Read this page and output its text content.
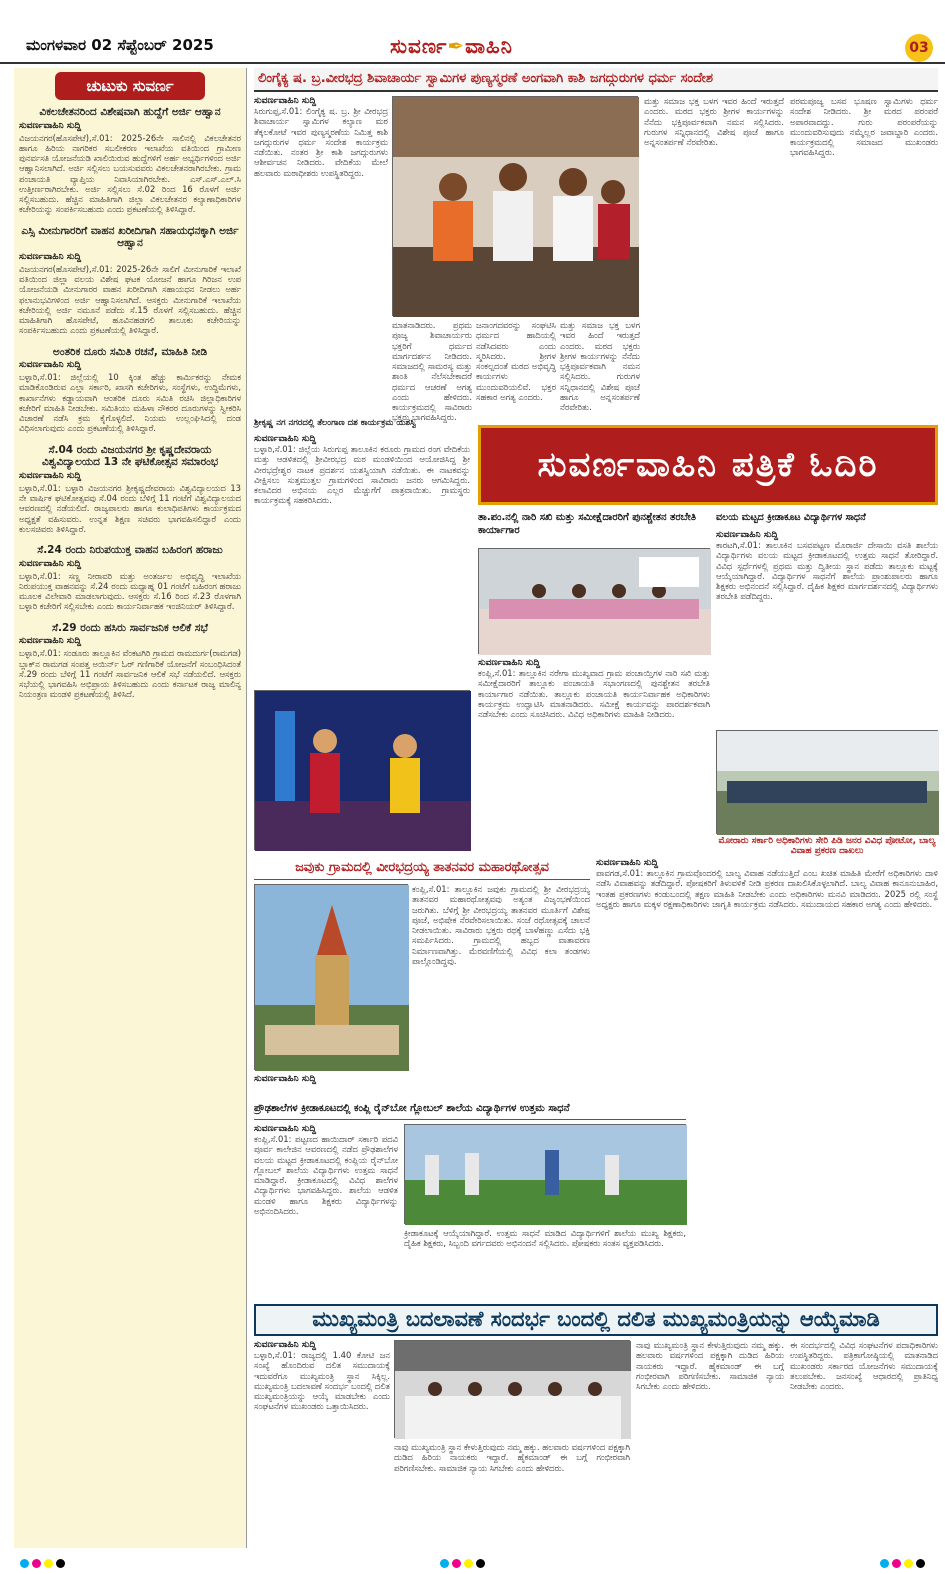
ಮಂಗಳವಾರ 02 ಸೆಪ್ಟೆಂಬರ್ 2025	ಸುವರ್ಣ✒ವಾಹಿನಿ	03
ಚುಟುಕು ಸುವರ್ಣ
ವಿಕಲಚೇತನರಿಂದ ವಿಶೇಷವಾಗಿ ಹುದ್ದೆಗೆ ಅರ್ಜಿ ಆಹ್ವಾನ
ಸುವರ್ಣವಾಹಿನಿ ಸುದ್ದಿ

ವಿಜಯನಗರ(ಹೊಸಪೇಟೆ),ಸೆ.01: 2025-26ನೇ ಸಾಲಿನಲ್ಲಿ ವಿಕಲಚೇತನರ ಹಾಗೂ ಹಿರಿಯ ನಾಗರಿಕರ ಸಬಲೀಕರಣ ಇಲಾಖೆಯ ವತಿಯಿಂದ ಗ್ರಾಮೀಣ ಪುನರ್ವಸತಿ ಯೋಜನೆಯಡಿ ಖಾಲಿಯಿರುವ ಹುದ್ದೆಗಳಿಗೆ ಅರ್ಹ ಅಭ್ಯರ್ಥಿಗಳಿಂದ ಅರ್ಜಿ ಆಹ್ವಾನಿಸಲಾಗಿದೆ. ಅರ್ಜಿ ಸಲ್ಲಿಸಲು ಬಯಸುವವರು ವಿಕಲಚೇತನರಾಗಿರಬೇಕು. ಗ್ರಾಮ ಪಂಚಾಯತಿ ವ್ಯಾಪ್ತಿಯ ನಿವಾಸಿಯಾಗಿರಬೇಕು. ಎಸ್.ಎಸ್.ಎಲ್.ಸಿ ಉತ್ತೀರ್ಣರಾಗಿರಬೇಕು. ಅರ್ಜಿ ಸಲ್ಲಿಸಲು ಸೆ.02 ರಿಂದ 16 ರೊಳಗೆ ಅರ್ಜಿ ಸಲ್ಲಿಸಬಹುದು. ಹೆಚ್ಚಿನ ಮಾಹಿತಿಗಾಗಿ ಜಿಲ್ಲಾ ವಿಕಲಚೇತನರ ಕಲ್ಯಾಣಾಧಿಕಾರಿಗಳ ಕಚೇರಿಯನ್ನು ಸಂಪರ್ಕಿಸಬಹುದು ಎಂದು ಪ್ರಕಟಣೆಯಲ್ಲಿ ತಿಳಿಸಿದ್ದಾರೆ.

ಎಸ್ಸಿ ಮೀನುಗಾರರಿಗೆ ವಾಹನ ಖರೀದಿಗಾಗಿ ಸಹಾಯಧನಕ್ಕಾಗಿ ಅರ್ಜಿ ಆಹ್ವಾನ
ಸುವರ್ಣವಾಹಿನಿ ಸುದ್ದಿ

ವಿಜಯನಗರ(ಹೊಸಪೇಟೆ),ಸೆ.01: 2025-26ನೇ ಸಾಲಿಗೆ ಮೀನುಗಾರಿಕೆ ಇಲಾಖೆ ವತಿಯಿಂದ ಜಿಲ್ಲಾ ವಲಯ ವಿಶೇಷ ಘಟಕ ಯೋಜನೆ ಹಾಗೂ ಗಿರಿಜನ ಉಪ ಯೋಜನೆಯಡಿ ಮೀನುಗಾರರ ವಾಹನ ಖರೀದಿಗಾಗಿ ಸಹಾಯಧನ ನೀಡಲು ಅರ್ಹ ಫಲಾನುಭವಿಗಳಿಂದ ಅರ್ಜಿ ಆಹ್ವಾನಿಸಲಾಗಿದೆ. ಆಸಕ್ತರು ಮೀನುಗಾರಿಕೆ ಇಲಾಖೆಯ ಕಚೇರಿಯಲ್ಲಿ ಅರ್ಜಿ ನಮೂನೆ ಪಡೆದು ಸೆ.15 ರೊಳಗೆ ಸಲ್ಲಿಸಬಹುದು. ಹೆಚ್ಚಿನ ಮಾಹಿತಿಗಾಗಿ ಹೊಸಪೇಟೆ, ಹೂವಿನಹಡಗಲಿ ತಾಲೂಕು ಕಚೇರಿಯನ್ನು ಸಂಪರ್ಕಿಸಬಹುದು ಎಂದು ಪ್ರಕಟಣೆಯಲ್ಲಿ ತಿಳಿಸಿದ್ದಾರೆ.

ಅಂತರಿಕ ದೂರು ಸಮಿತಿ ರಚನೆ, ಮಾಹಿತಿ ನೀಡಿ
ಸುವರ್ಣವಾಹಿನಿ ಸುದ್ದಿ

ಬಳ್ಳಾರಿ,ಸೆ.01: ಜಿಲ್ಲೆಯಲ್ಲಿ 10 ಕ್ಕಿಂತ ಹೆಚ್ಚು ಕಾರ್ಮಿಕರನ್ನು ನೇಮಕ ಮಾಡಿಕೊಂಡಿರುವ ಎಲ್ಲಾ ಸರ್ಕಾರಿ, ಖಾಸಗಿ ಕಚೇರಿಗಳು, ಸಂಸ್ಥೆಗಳು, ಉದ್ದಿಮೆಗಳು, ಕಾರ್ಖಾನೆಗಳು ಕಡ್ಡಾಯವಾಗಿ ಆಂತರಿಕ ದೂರು ಸಮಿತಿ ರಚಿಸಿ ಜಿಲ್ಲಾಧಿಕಾರಿಗಳ ಕಚೇರಿಗೆ ಮಾಹಿತಿ ನೀಡಬೇಕು. ಸಮಿತಿಯು ಮಹಿಳಾ ನೌಕರರ ದೂರುಗಳನ್ನು ಸ್ವೀಕರಿಸಿ ವಿಚಾರಣೆ ನಡೆಸಿ ಕ್ರಮ ಕೈಗೊಳ್ಳಲಿದೆ. ನಿಯಮ ಉಲ್ಲಂಘಿಸಿದಲ್ಲಿ ದಂಡ ವಿಧಿಸಲಾಗುವುದು ಎಂದು ಪ್ರಕಟಣೆಯಲ್ಲಿ ತಿಳಿಸಿದ್ದಾರೆ.

ಸೆ.04 ರಂದು ವಿಜಯನಗರ ಶ್ರೀ ಕೃಷ್ಣದೇವರಾಯ ವಿಶ್ವವಿದ್ಯಾಲಯದ 13 ನೇ ಘಟಿಕೋತ್ಸವ ಸಮಾರಂಭ
ಸುವರ್ಣವಾಹಿನಿ ಸುದ್ದಿ

ಬಳ್ಳಾರಿ,ಸೆ.01: ಬಳ್ಳಾರಿ ವಿಜಯನಗರ ಶ್ರೀಕೃಷ್ಣದೇವರಾಯ ವಿಶ್ವವಿದ್ಯಾಲಯದ 13 ನೇ ವಾರ್ಷಿಕ ಘಟಿಕೋತ್ಸವವು ಸೆ.04 ರಂದು ಬೆಳಿಗ್ಗೆ 11 ಗಂಟೆಗೆ ವಿಶ್ವವಿದ್ಯಾಲಯದ ಆವರಣದಲ್ಲಿ ನಡೆಯಲಿದೆ. ರಾಜ್ಯಪಾಲರು ಹಾಗೂ ಕುಲಾಧಿಪತಿಗಳು ಕಾರ್ಯಕ್ರಮದ ಅಧ್ಯಕ್ಷತೆ ವಹಿಸುವರು. ಉನ್ನತ ಶಿಕ್ಷಣ ಸಚಿವರು ಭಾಗವಹಿಸಲಿದ್ದಾರೆ ಎಂದು ಕುಲಸಚಿವರು ತಿಳಿಸಿದ್ದಾರೆ.

ಸೆ.24 ರಂದು ನಿರುಪಯುಕ್ತ ವಾಹನ ಬಹಿರಂಗ ಹರಾಜು
ಸುವರ್ಣವಾಹಿನಿ ಸುದ್ದಿ

ಬಳ್ಳಾರಿ,ಸೆ.01: ಸಣ್ಣ ನೀರಾವರಿ ಮತ್ತು ಅಂತರ್ಜಲ ಅಭಿವೃದ್ಧಿ ಇಲಾಖೆಯ ನಿರುಪಯುಕ್ತ ವಾಹನವನ್ನು ಸೆ.24 ರಂದು ಮಧ್ಯಾಹ್ನ 01 ಗಂಟೆಗೆ ಬಹಿರಂಗ ಹರಾಜು ಮೂಲಕ ವಿಲೇವಾರಿ ಮಾಡಲಾಗುವುದು. ಆಸಕ್ತರು ಸೆ.16 ರಿಂದ ಸೆ.23 ರೊಳಗಾಗಿ ಬಳ್ಳಾರಿ ಕಚೇರಿಗೆ ಸಲ್ಲಿಸಬೇಕು ಎಂದು ಕಾರ್ಯನಿರ್ವಾಹಕ ಇಂಜಿನಿಯರ್ ತಿಳಿಸಿದ್ದಾರೆ.

ಸೆ.29 ರಂದು ಹಸಿರು ಸಾರ್ವಜನಿಕ ಆಲಿಕೆ ಸಭೆ
ಸುವರ್ಣವಾಹಿನಿ ಸುದ್ದಿ

ಬಳ್ಳಾರಿ,ಸೆ.01: ಸಂಡೂರು ತಾಲ್ಲೂಕಿನ ವೆಂಕಟಗಿರಿ ಗ್ರಾಮದ ರಾಮದುರ್ಗ(ರಾಮಗಡ) ಬ್ಲಾಕ್‌ನ ರಾಮಗಡ ಸಂಪತ್ತ ಅಯಿರ್ನ್ ಓರ್ ಗಣಿಗಾರಿಕೆ ಯೋಜನೆಗೆ ಸಂಬಂಧಿಸಿದಂತೆ ಸೆ.29 ರಂದು ಬೆಳಿಗ್ಗೆ 11 ಗಂಟೆಗೆ ಸಾರ್ವಜನಿಕ ಆಲಿಕೆ ಸಭೆ ನಡೆಯಲಿದೆ. ಆಸಕ್ತರು ಸಭೆಯಲ್ಲಿ ಭಾಗವಹಿಸಿ ಅಭಿಪ್ರಾಯ ತಿಳಿಸಬಹುದು ಎಂದು ಕರ್ನಾಟಕ ರಾಜ್ಯ ಮಾಲಿನ್ಯ ನಿಯಂತ್ರಣ ಮಂಡಳಿ ಪ್ರಕಟಣೆಯಲ್ಲಿ ತಿಳಿಸಿದೆ.

ಲಿಂಗೈಕ್ಯ ಷ. ಬ್ರ.ವೀರಭದ್ರ ಶಿವಾಚಾರ್ಯ ಸ್ವಾಮಿಗಳ ಪುಣ್ಯಸ್ಮರಣೆ ಅಂಗವಾಗಿ ಕಾಶಿ ಜಗದ್ಗುರುಗಳ ಧರ್ಮ ಸಂದೇಶ
ಸುವರ್ಣವಾಹಿನಿ ಸುದ್ದಿ

ಸಿರುಗುಪ್ಪ,ಸೆ.01: ಲಿಂಗೈಕ್ಯ ಷ. ಬ್ರ. ಶ್ರೀ ವೀರಭದ್ರ ಶಿವಾಚಾರ್ಯ ಸ್ವಾಮಿಗಳ ಕಲ್ಯಾಣ ಮಠ ತೆಕ್ಕಲಕೋಟೆ ಇವರ ಪುಣ್ಯಸ್ಮರಣೆಯ ನಿಮಿತ್ತ ಕಾಶಿ ಜಗದ್ಗುರುಗಳ ಧರ್ಮ ಸಂದೇಶ ಕಾರ್ಯಕ್ರಮ ನಡೆಯಿತು. ನಂತರ ಶ್ರೀ ಕಾಶಿ ಜಗದ್ಗುರುಗಳು ಆಶೀರ್ವಚನ ನೀಡಿದರು. ವೇದಿಕೆಯ ಮೇಲೆ ಹಲವಾರು ಮಠಾಧೀಶರು ಉಪಸ್ಥಿತರಿದ್ದರು.

ಮಾತನಾಡಿದರು. ಪ್ರಥಮ ಪೂಜ್ಯ ಶಿವಾಚಾರ್ಯರು ಭಕ್ತರಿಗೆ ಧರ್ಮದ ಮಾರ್ಗದರ್ಶನ ನೀಡಿದರು. ಸಮಾಜದಲ್ಲಿ ಸಾಮರಸ್ಯ ಮತ್ತು ಶಾಂತಿ ನೆಲೆಸಬೇಕಾದರೆ ಧರ್ಮದ ಆಚರಣೆ ಅಗತ್ಯ ಎಂದು ಹೇಳಿದರು. ಕಾರ್ಯಕ್ರಮದಲ್ಲಿ ಸಾವಿರಾರು ಭಕ್ತರು ಭಾಗವಹಿಸಿದ್ದರು.

ಜನಾಂಗದವರನ್ನು ಸಂಘಟಿಸಿ ಧರ್ಮದ ಹಾದಿಯಲ್ಲಿ ನಡೆಸಿದವರು ಎಂದು ಸ್ಮರಿಸಿದರು. ಶ್ರೀಗಳ ಸಂಕಲ್ಪದಂತೆ ಮಠದ ಅಭಿವೃದ್ಧಿ ಕಾರ್ಯಗಳು ಮುಂದುವರಿಯಲಿವೆ. ಭಕ್ತರ ಸಹಕಾರ ಅಗತ್ಯ ಎಂದರು.

ಮತ್ತು ಸಮಾಜ ಭಕ್ತ ಬಳಗ ಇವರ ಹಿಂದೆ ಇರುತ್ತದೆ ಎಂದರು. ಮಠದ ಭಕ್ತರು ಶ್ರೀಗಳ ಕಾರ್ಯಗಳನ್ನು ನೆನೆದು ಭಕ್ತಿಪೂರ್ವಕವಾಗಿ ನಮನ ಸಲ್ಲಿಸಿದರು. ಗುರುಗಳ ಸನ್ನಿಧಾನದಲ್ಲಿ ವಿಶೇಷ ಪೂಜೆ ಹಾಗೂ ಅನ್ನಸಂತರ್ಪಣೆ ನೆರವೇರಿತು.

ಮತ್ತು ಸಮಾಜ ಭಕ್ತ ಬಳಗ ಇವರ ಹಿಂದೆ ಇರುತ್ತದೆ ಎಂದರು. ಮಠದ ಭಕ್ತರು ಶ್ರೀಗಳ ಕಾರ್ಯಗಳನ್ನು ನೆನೆದು ಭಕ್ತಿಪೂರ್ವಕವಾಗಿ ನಮನ ಸಲ್ಲಿಸಿದರು. ಗುರುಗಳ ಸನ್ನಿಧಾನದಲ್ಲಿ ವಿಶೇಷ ಪೂಜೆ ಹಾಗೂ ಅನ್ನಸಂತರ್ಪಣೆ ನೆರವೇರಿತು.

ಪರಮಪೂಜ್ಯ ಬಸವ ಭೂಷಣ ಸ್ವಾಮಿಗಳು ಧರ್ಮ ಸಂದೇಶ ನೀಡಿದರು. ಶ್ರೀ ಮಠದ ಪರಂಪರೆ ಅಪಾರವಾದದ್ದು. ಗುರು ಪರಂಪರೆಯನ್ನು ಮುಂದುವರಿಸುವುದು ನಮ್ಮೆಲ್ಲರ ಜವಾಬ್ದಾರಿ ಎಂದರು. ಕಾರ್ಯಕ್ರಮದಲ್ಲಿ ಸಮಾಜದ ಮುಖಂಡರು ಭಾಗವಹಿಸಿದ್ದರು.

ಶ್ರೀಕೃಷ್ಣ ನಗ ನಗರದಲ್ಲಿ ತೆಲಂಗಾಣ ದಶ ಕಾರ್ಯಕ್ರಮ ಯಶಸ್ವಿ
ಸುವರ್ಣವಾಹಿನಿ ಸುದ್ದಿ

ಬಳ್ಳಾರಿ,ಸೆ.01: ಜಿಲ್ಲೆಯ ಸಿರುಗುಪ್ಪ ತಾಲೂಕಿನ ಕರೂರು ಗ್ರಾಮದ ರಂಗ ವೇದಿಕೆಯ ಮತ್ತು ಆಡಳಿತದಲ್ಲಿ ಶ್ರೀವೀರಭದ್ರ ಮಠ ಮಂಡಳಿಯಿಂದ ಆಯೋಜಿಸಿದ್ದ ಶ್ರೀ ವೀರಭದ್ರೇಶ್ವರ ನಾಟಕ ಪ್ರದರ್ಶನ ಯಶಸ್ವಿಯಾಗಿ ನಡೆಯಿತು. ಈ ನಾಟಕವನ್ನು ವೀಕ್ಷಿಸಲು ಸುತ್ತಮುತ್ತಲ ಗ್ರಾಮಗಳಿಂದ ಸಾವಿರಾರು ಜನರು ಆಗಮಿಸಿದ್ದರು. ಕಲಾವಿದರ ಅಭಿನಯ ಎಲ್ಲರ ಮೆಚ್ಚುಗೆಗೆ ಪಾತ್ರವಾಯಿತು. ಗ್ರಾಮಸ್ಥರು ಕಾರ್ಯಕ್ರಮಕ್ಕೆ ಸಹಕರಿಸಿದರು.

ಸುವರ್ಣವಾಹಿನಿ ಪತ್ರಿಕೆ ಓದಿರಿ
ತಾ.ಪಂ.ನಲ್ಲಿ ನಾರಿ ಸಖಿ ಮತ್ತು ಸಮೀಕ್ಷೆದಾರರಿಗೆ ಪುನಶ್ಚೇತನ ತರಬೇತಿ ಕಾರ್ಯಾಗಾರ
ಸುವರ್ಣವಾಹಿನಿ ಸುದ್ದಿ

ಕಂಪ್ಲಿ,ಸೆ.01: ತಾಲ್ಲೂಕಿನ ನರೇಗಾ ಮುಖ್ಯವಾದ ಗ್ರಾಮ ಪಂಚಾಯ್ತಿಗಳ ನಾರಿ ಸಖಿ ಮತ್ತು ಸಮೀಕ್ಷೆದಾರರಿಗೆ ತಾಲ್ಲೂಕು ಪಂಚಾಯತಿ ಸಭಾಂಗಣದಲ್ಲಿ ಪುನಶ್ಚೇತನ ತರಬೇತಿ ಕಾರ್ಯಾಗಾರ ನಡೆಯಿತು. ತಾಲ್ಲೂಕು ಪಂಚಾಯತಿ ಕಾರ್ಯನಿರ್ವಾಹಕ ಅಧಿಕಾರಿಗಳು ಕಾರ್ಯಕ್ರಮ ಉದ್ಘಾಟಿಸಿ ಮಾತನಾಡಿದರು. ಸಮೀಕ್ಷೆ ಕಾರ್ಯವನ್ನು ಪಾರದರ್ಶಕವಾಗಿ ನಡೆಸಬೇಕು ಎಂದು ಸೂಚಿಸಿದರು. ವಿವಿಧ ಅಧಿಕಾರಿಗಳು ಮಾಹಿತಿ ನೀಡಿದರು.

ವಲಯ ಮಟ್ಟದ ಕ್ರೀಡಾಕೂಟ ವಿದ್ಯಾರ್ಥಿಗಳ ಸಾಧನೆ
ಸುವರ್ಣವಾಹಿನಿ ಸುದ್ದಿ

ಕಾರಟಗಿ,ಸೆ.01: ತಾಲೂಕಿನ ಬಸವಪಟ್ಟಣ ಮೊರಾರ್ಜಿ ದೇಸಾಯಿ ವಸತಿ ಶಾಲೆಯ ವಿದ್ಯಾರ್ಥಿಗಳು ವಲಯ ಮಟ್ಟದ ಕ್ರೀಡಾಕೂಟದಲ್ಲಿ ಉತ್ತಮ ಸಾಧನೆ ತೋರಿದ್ದಾರೆ. ವಿವಿಧ ಸ್ಪರ್ಧೆಗಳಲ್ಲಿ ಪ್ರಥಮ ಮತ್ತು ದ್ವಿತೀಯ ಸ್ಥಾನ ಪಡೆದು ತಾಲ್ಲೂಕು ಮಟ್ಟಕ್ಕೆ ಆಯ್ಕೆಯಾಗಿದ್ದಾರೆ. ವಿದ್ಯಾರ್ಥಿಗಳ ಸಾಧನೆಗೆ ಶಾಲೆಯ ಪ್ರಾಂಶುಪಾಲರು ಹಾಗೂ ಶಿಕ್ಷಕರು ಅಭಿನಂದನೆ ಸಲ್ಲಿಸಿದ್ದಾರೆ. ದೈಹಿಕ ಶಿಕ್ಷಕರ ಮಾರ್ಗದರ್ಶನದಲ್ಲಿ ವಿದ್ಯಾರ್ಥಿಗಳು ತರಬೇತಿ ಪಡೆದಿದ್ದರು.

ಮೋರಾರು ಸರ್ಕಾರಿ ಅಧಿಕಾರಿಗಳು ಸೇರಿ ಪಿಡಿ ಜನರ ವಿವಿಧ ಪೋಟೋ, ಬಾಲ್ಯ ವಿವಾಹ ಪ್ರಕರಣ ದಾಖಲು
ಜವುಕು ಗ್ರಾಮದಲ್ಲಿ ವೀರಭದ್ರಯ್ಯ ತಾತನವರ ಮಹಾರಥೋತ್ಸವ
ಸುವರ್ಣವಾಹಿನಿ ಸುದ್ದಿ

ಕಂಪ್ಲಿ,ಸೆ.01: ತಾಲ್ಲೂಕಿನ ಜವುಕು ಗ್ರಾಮದಲ್ಲಿ ಶ್ರೀ ವೀರಭದ್ರಯ್ಯ ತಾತನವರ ಮಹಾರಥೋತ್ಸವವು ಅತ್ಯಂತ ವಿಜೃಂಭಣೆಯಿಂದ ಜರುಗಿತು. ಬೆಳಿಗ್ಗೆ ಶ್ರೀ ವೀರಭದ್ರಯ್ಯ ತಾತನವರ ಮೂರ್ತಿಗೆ ವಿಶೇಷ ಪೂಜೆ, ಅಭಿಷೇಕ ನೆರವೇರಿಸಲಾಯಿತು. ಸಂಜೆ ರಥೋತ್ಸವಕ್ಕೆ ಚಾಲನೆ ನೀಡಲಾಯಿತು. ಸಾವಿರಾರು ಭಕ್ತರು ರಥಕ್ಕೆ ಬಾಳೆಹಣ್ಣು ಎಸೆದು ಭಕ್ತಿ ಸಮರ್ಪಿಸಿದರು. ಗ್ರಾಮದಲ್ಲಿ ಹಬ್ಬದ ವಾತಾವರಣ ನಿರ್ಮಾಣವಾಗಿತ್ತು. ಮೆರವಣಿಗೆಯಲ್ಲಿ ವಿವಿಧ ಕಲಾ ತಂಡಗಳು ಪಾಲ್ಗೊಂಡಿದ್ದವು.

ಸುವರ್ಣವಾಹಿನಿ ಸುದ್ದಿ

ಪಾವಗಡ,ಸೆ.01: ತಾಲ್ಲೂಕಿನ ಗ್ರಾಮವೊಂದರಲ್ಲಿ ಬಾಲ್ಯ ವಿವಾಹ ನಡೆಯುತ್ತಿದೆ ಎಂಬ ಖಚಿತ ಮಾಹಿತಿ ಮೇರೆಗೆ ಅಧಿಕಾರಿಗಳು ದಾಳಿ ನಡೆಸಿ ವಿವಾಹವನ್ನು ತಡೆದಿದ್ದಾರೆ. ಪೋಷಕರಿಗೆ ತಿಳುವಳಿಕೆ ನೀಡಿ ಪ್ರಕರಣ ದಾಖಲಿಸಿಕೊಳ್ಳಲಾಗಿದೆ. ಬಾಲ್ಯ ವಿವಾಹ ಕಾನೂನುಬಾಹಿರ, ಇಂತಹ ಪ್ರಕರಣಗಳು ಕಂಡುಬಂದಲ್ಲಿ ತಕ್ಷಣ ಮಾಹಿತಿ ನೀಡಬೇಕು ಎಂದು ಅಧಿಕಾರಿಗಳು ಮನವಿ ಮಾಡಿದರು. 2025 ರಲ್ಲಿ ಸಂಸ್ಥೆ ಅಧ್ಯಕ್ಷರು ಹಾಗೂ ಮಕ್ಕಳ ರಕ್ಷಣಾಧಿಕಾರಿಗಳು ಜಾಗೃತಿ ಕಾರ್ಯಕ್ರಮ ನಡೆಸಿದರು. ಸಮುದಾಯದ ಸಹಕಾರ ಅಗತ್ಯ ಎಂದು ಹೇಳಿದರು.

ಪ್ರೌಢಶಾಲೆಗಳ ಕ್ರೀಡಾಕೂಟದಲ್ಲಿ ಕಂಪ್ಲಿ ರೈನ್‌ಬೋ ಗ್ಲೋಬಲ್ ಶಾಲೆಯ ವಿದ್ಯಾರ್ಥಿಗಳ ಉತ್ತಮ ಸಾಧನೆ
ಸುವರ್ಣವಾಹಿನಿ ಸುದ್ದಿ

ಕಂಪ್ಲಿ,ಸೆ.01: ಪಟ್ಟಣದ ಹಾಯಿದಾರ್ ಸರ್ಕಾರಿ ಪದವಿ ಪೂರ್ವ ಕಾಲೇಜಿನ ಆವರಣದಲ್ಲಿ ನಡೆದ ಪ್ರೌಢಶಾಲೆಗಳ ವಲಯ ಮಟ್ಟದ ಕ್ರೀಡಾಕೂಟದಲ್ಲಿ ಕಂಪ್ಲಿಯ ರೈನ್‌ಬೋ ಗ್ಲೋಬಲ್ ಶಾಲೆಯ ವಿದ್ಯಾರ್ಥಿಗಳು ಉತ್ತಮ ಸಾಧನೆ ಮಾಡಿದ್ದಾರೆ. ಕ್ರೀಡಾಕೂಟದಲ್ಲಿ ವಿವಿಧ ಶಾಲೆಗಳ ವಿದ್ಯಾರ್ಥಿಗಳು ಭಾಗವಹಿಸಿದ್ದರು. ಶಾಲೆಯ ಆಡಳಿತ ಮಂಡಳಿ ಹಾಗೂ ಶಿಕ್ಷಕರು ವಿದ್ಯಾರ್ಥಿಗಳನ್ನು ಅಭಿನಂದಿಸಿದರು.

ಕ್ರೀಡಾಕೂಟಕ್ಕೆ ಆಯ್ಕೆಯಾಗಿದ್ದಾರೆ. ಉತ್ತಮ ಸಾಧನೆ ಮಾಡಿದ ವಿದ್ಯಾರ್ಥಿಗಳಿಗೆ ಶಾಲೆಯ ಮುಖ್ಯ ಶಿಕ್ಷಕರು, ದೈಹಿಕ ಶಿಕ್ಷಕರು, ಸಿಬ್ಬಂದಿ ವರ್ಗದವರು ಅಭಿನಂದನೆ ಸಲ್ಲಿಸಿದರು. ಪೋಷಕರು ಸಂತಸ ವ್ಯಕ್ತಪಡಿಸಿದರು.

ಮುಖ್ಯಮಂತ್ರಿ ಬದಲಾವಣೆ ಸಂದರ್ಭ ಬಂದಲ್ಲಿ ದಲಿತ ಮುಖ್ಯಮಂತ್ರಿಯನ್ನು ಆಯ್ಕೆಮಾಡಿ
ಸುವರ್ಣವಾಹಿನಿ ಸುದ್ದಿ

ಬಳ್ಳಾರಿ,ಸೆ.01: ರಾಜ್ಯದಲ್ಲಿ 1.40 ಕೋಟಿ ಜನ ಸಂಖ್ಯೆ ಹೊಂದಿರುವ ದಲಿತ ಸಮುದಾಯಕ್ಕೆ ಇದುವರೆಗೂ ಮುಖ್ಯಮಂತ್ರಿ ಸ್ಥಾನ ಸಿಕ್ಕಿಲ್ಲ. ಮುಖ್ಯಮಂತ್ರಿ ಬದಲಾವಣೆ ಸಂದರ್ಭ ಬಂದಲ್ಲಿ ದಲಿತ ಮುಖ್ಯಮಂತ್ರಿಯನ್ನು ಆಯ್ಕೆ ಮಾಡಬೇಕು ಎಂದು ಸಂಘಟನೆಗಳ ಮುಖಂಡರು ಒತ್ತಾಯಿಸಿದರು.

ನಾವು ಮುಖ್ಯಮಂತ್ರಿ ಸ್ಥಾನ ಕೇಳುತ್ತಿರುವುದು ನಮ್ಮ ಹಕ್ಕು. ಹಲವಾರು ವರ್ಷಗಳಿಂದ ಪಕ್ಷಕ್ಕಾಗಿ ದುಡಿದ ಹಿರಿಯ ನಾಯಕರು ಇದ್ದಾರೆ. ಹೈಕಮಾಂಡ್ ಈ ಬಗ್ಗೆ ಗಂಭೀರವಾಗಿ ಪರಿಗಣಿಸಬೇಕು. ಸಾಮಾಜಿಕ ನ್ಯಾಯ ಸಿಗಬೇಕು ಎಂದು ಹೇಳಿದರು.

ನಾವು ಮುಖ್ಯಮಂತ್ರಿ ಸ್ಥಾನ ಕೇಳುತ್ತಿರುವುದು ನಮ್ಮ ಹಕ್ಕು. ಹಲವಾರು ವರ್ಷಗಳಿಂದ ಪಕ್ಷಕ್ಕಾಗಿ ದುಡಿದ ಹಿರಿಯ ನಾಯಕರು ಇದ್ದಾರೆ. ಹೈಕಮಾಂಡ್ ಈ ಬಗ್ಗೆ ಗಂಭೀರವಾಗಿ ಪರಿಗಣಿಸಬೇಕು. ಸಾಮಾಜಿಕ ನ್ಯಾಯ ಸಿಗಬೇಕು ಎಂದು ಹೇಳಿದರು.

ಈ ಸಂದರ್ಭದಲ್ಲಿ ವಿವಿಧ ಸಂಘಟನೆಗಳ ಪದಾಧಿಕಾರಿಗಳು ಉಪಸ್ಥಿತರಿದ್ದರು. ಪತ್ರಿಕಾಗೋಷ್ಠಿಯಲ್ಲಿ ಮಾತನಾಡಿದ ಮುಖಂಡರು ಸರ್ಕಾರದ ಯೋಜನೆಗಳು ಸಮುದಾಯಕ್ಕೆ ತಲುಪಬೇಕು. ಜನಸಂಖ್ಯೆ ಆಧಾರದಲ್ಲಿ ಪ್ರಾತಿನಿಧ್ಯ ನೀಡಬೇಕು ಎಂದರು.
